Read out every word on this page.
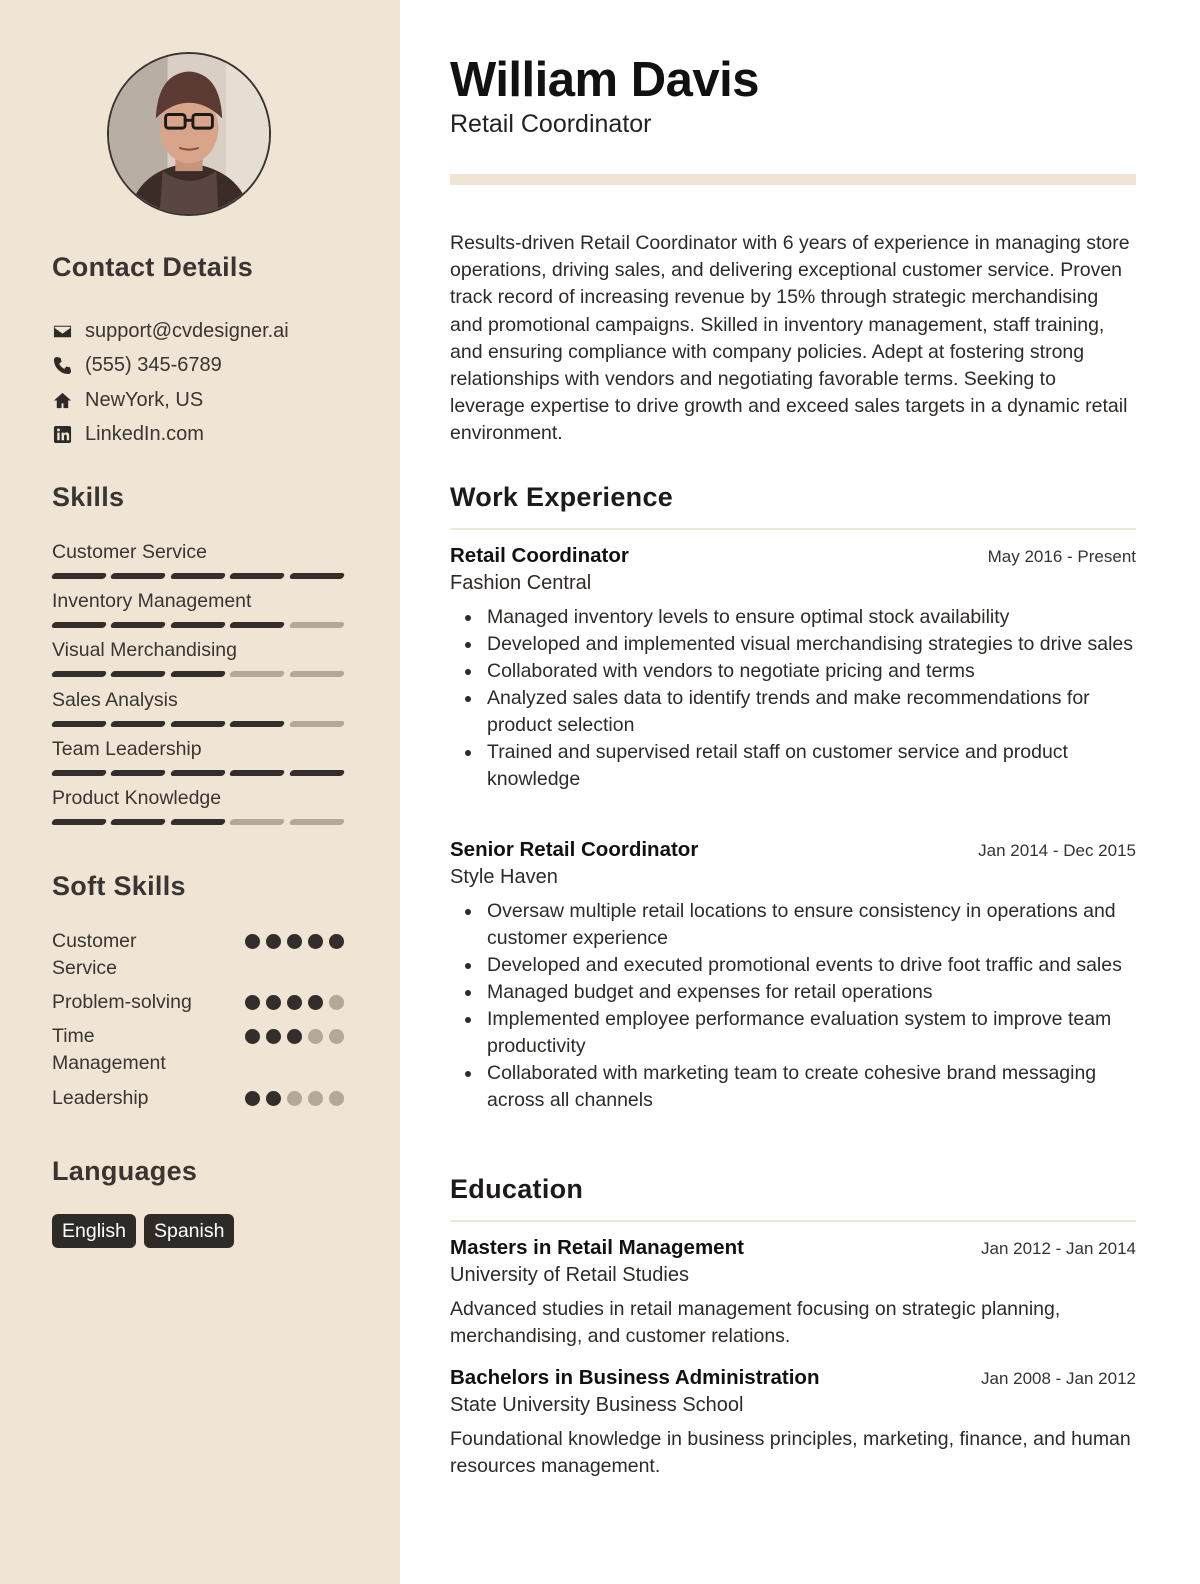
Contact Details
support@cvdesigner.ai
(555) 345-6789
NewYork, US
LinkedIn.com
Skills
Customer Service
Inventory Management
Visual Merchandising
Sales Analysis
Team Leadership
Product Knowledge
Soft Skills
Customer Service
Problem-solving
Time Management
Leadership
Languages
English	Spanish
William Davis
Retail Coordinator

Results-driven Retail Coordinator with 6 years of experience in managing store operations, driving sales, and delivering exceptional customer service. Proven track record of increasing revenue by 15% through strategic merchandising and promotional campaigns. Skilled in inventory management, staff training, and ensuring compliance with company policies. Adept at fostering strong relationships with vendors and negotiating favorable terms. Seeking to leverage expertise to drive growth and exceed sales targets in a dynamic retail environment.

Work Experience
Retail Coordinator	May 2016 - Present
Fashion Central
Managed inventory levels to ensure optimal stock availability
Developed and implemented visual merchandising strategies to drive sales
Collaborated with vendors to negotiate pricing and terms
Analyzed sales data to identify trends and make recommendations for product selection
Trained and supervised retail staff on customer service and product knowledge
Senior Retail Coordinator	Jan 2014 - Dec 2015
Style Haven
Oversaw multiple retail locations to ensure consistency in operations and customer experience
Developed and executed promotional events to drive foot traffic and sales
Managed budget and expenses for retail operations
Implemented employee performance evaluation system to improve team productivity
Collaborated with marketing team to create cohesive brand messaging across all channels
Education
Masters in Retail Management	Jan 2012 - Jan 2014
University of Retail Studies

Advanced studies in retail management focusing on strategic planning, merchandising, and customer relations.

Bachelors in Business Administration	Jan 2008 - Jan 2012
State University Business School

Foundational knowledge in business principles, marketing, finance, and human resources management.
